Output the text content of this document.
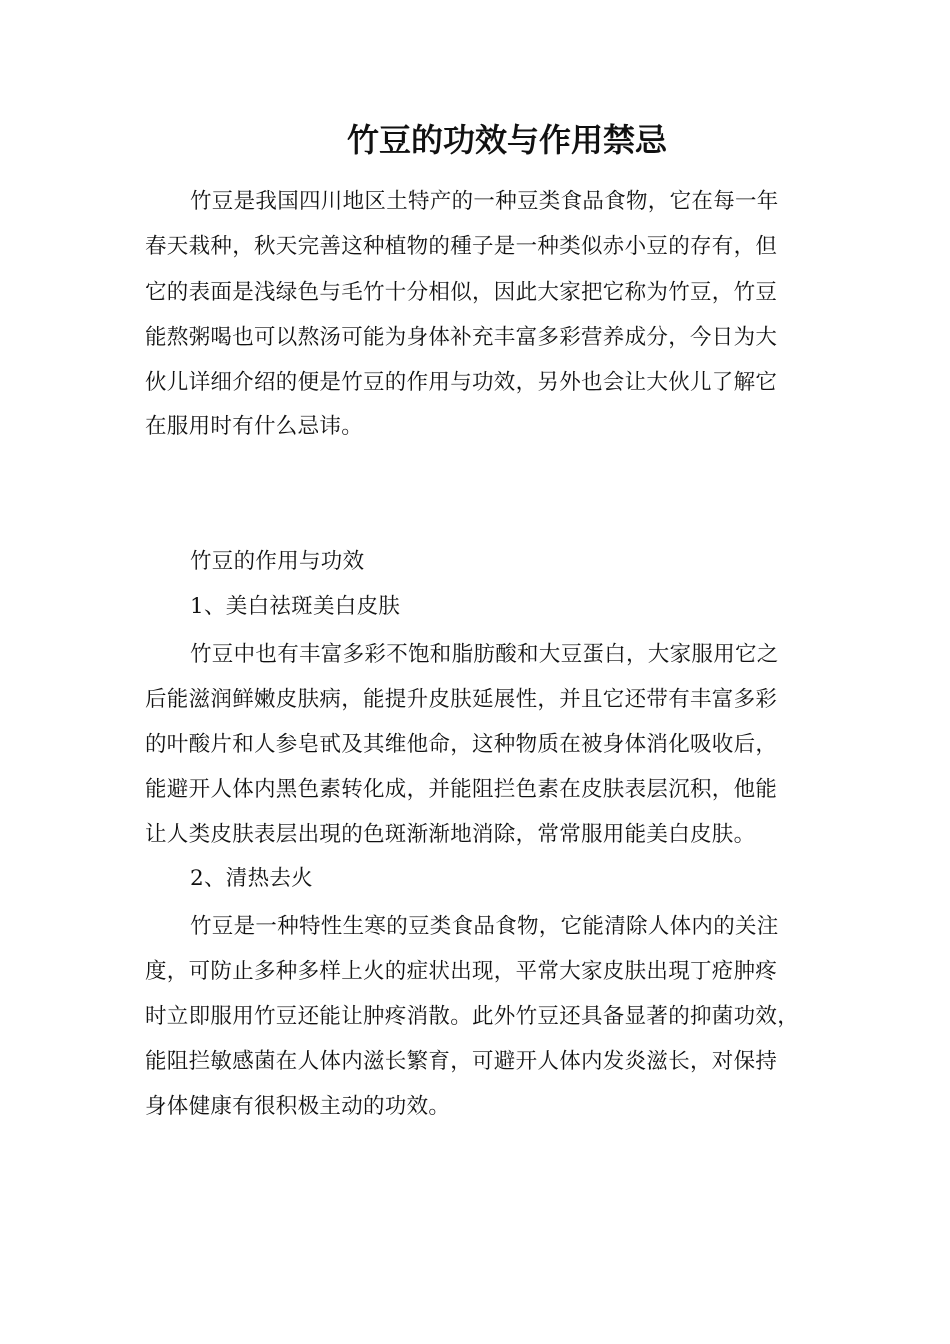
竹豆的功效与作用禁忌
竹豆是我国四川地区土特产的一种豆类食品食物，它在每一年
春天栽种，秋天完善这种植物的種子是一种类似赤小豆的存有，但
它的表面是浅绿色与毛竹十分相似，因此大家把它称为竹豆，竹豆
能熬粥喝也可以熬汤可能为身体补充丰富多彩营养成分，今日为大
伙儿详细介绍的便是竹豆的作用与功效，另外也会让大伙儿了解它
在服用时有什么忌讳。
竹豆的作用与功效
1、美白祛斑美白皮肤
竹豆中也有丰富多彩不饱和脂肪酸和大豆蛋白，大家服用它之
后能滋润鲜嫩皮肤病，能提升皮肤延展性，并且它还带有丰富多彩
的叶酸片和人参皂甙及其维他命，这种物质在被身体消化吸收后，
能避开人体内黑色素转化成，并能阻拦色素在皮肤表层沉积，他能
让人类皮肤表层出現的色斑渐渐地消除，常常服用能美白皮肤。
2、清热去火
竹豆是一种特性生寒的豆类食品食物，它能清除人体内的关注
度，可防止多种多样上火的症状出现，平常大家皮肤出現丁疮肿疼
时立即服用竹豆还能让肿疼消散。此外竹豆还具备显著的抑菌功效，
能阻拦敏感菌在人体内滋长繁育，可避开人体内发炎滋长，对保持
身体健康有很积极主动的功效。
